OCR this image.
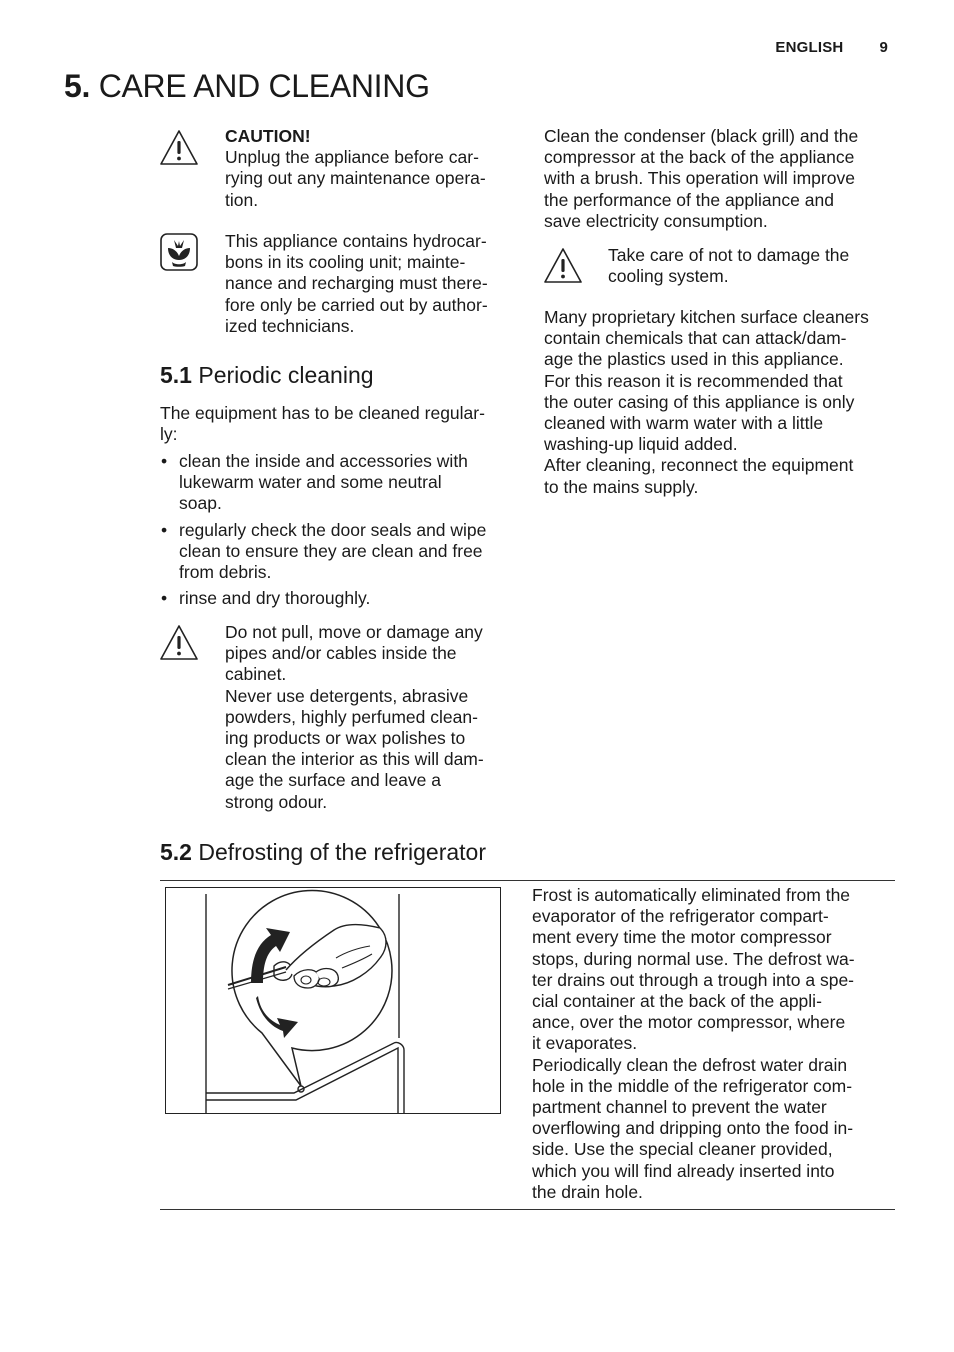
ENGLISH 9
5. CARE AND CLEANING
CAUTION!
Unplug the appliance before car-
rying out any maintenance opera-
tion.
This appliance contains hydrocar-
bons in its cooling unit; mainte-
nance and recharging must there-
fore only be carried out by author-
ized technicians.
5.1 Periodic cleaning
The equipment has to be cleaned regular-
ly:
• clean the inside and accessories with
lukewarm water and some neutral
soap.
• regularly check the door seals and wipe
clean to ensure they are clean and free
from debris.
• rinse and dry thoroughly.
Do not pull, move or damage any
pipes and/or cables inside the
cabinet.
Never use detergents, abrasive
powders, highly perfumed clean-
ing products or wax polishes to
clean the interior as this will dam-
age the surface and leave a
strong odour.
Clean the condenser (black grill) and the
compressor at the back of the appliance
with a brush. This operation will improve
the performance of the appliance and
save electricity consumption.
Take care of not to damage the
cooling system.
Many proprietary kitchen surface cleaners
contain chemicals that can attack/dam-
age the plastics used in this appliance.
For this reason it is recommended that
the outer casing of this appliance is only
cleaned with warm water with a little
washing-up liquid added.
After cleaning, reconnect the equipment
to the mains supply.
5.2 Defrosting of the refrigerator
Frost is automatically eliminated from the
evaporator of the refrigerator compart-
ment every time the motor compressor
stops, during normal use. The defrost wa-
ter drains out through a trough into a spe-
cial container at the back of the appli-
ance, over the motor compressor, where
it evaporates.
Periodically clean the defrost water drain
hole in the middle of the refrigerator com-
partment channel to prevent the water
overflowing and dripping onto the food in-
side. Use the special cleaner provided,
which you will find already inserted into
the drain hole.
